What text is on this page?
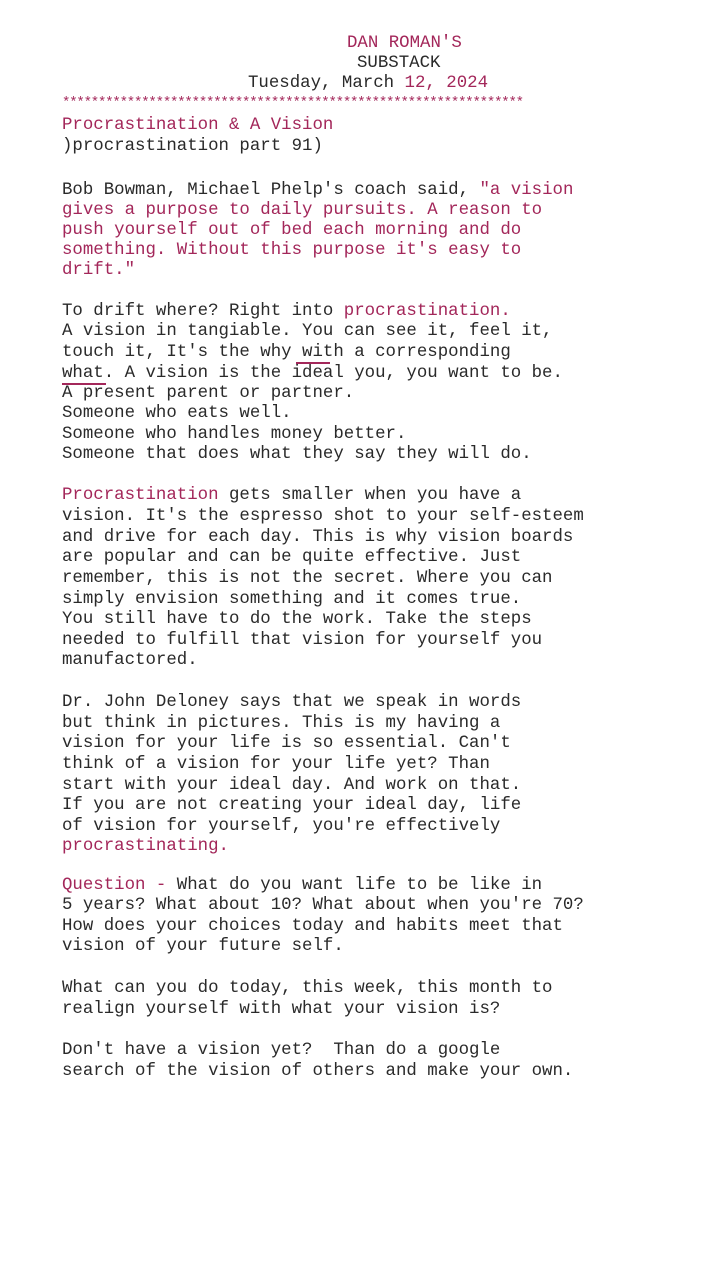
DAN ROMAN'S
SUBSTACK
Tuesday, March 12, 2024
****************************************************************
Procrastination & A Vision
)procrastination part 91)
Bob Bowman, Michael Phelp's coach said, "a vision
gives a purpose to daily pursuits. A reason to
push yourself out of bed each morning and do
something. Without this purpose it's easy to
drift."
To drift where? Right into procrastination.
A vision in tangiable. You can see it, feel it,
touch it, It's the why with a corresponding
what. A vision is the ideal you, you want to be.
A present parent or partner.
Someone who eats well.
Someone who handles money better.
Someone that does what they say they will do.
Procrastination gets smaller when you have a
vision. It's the espresso shot to your self-esteem
and drive for each day. This is why vision boards
are popular and can be quite effective. Just
remember, this is not the secret. Where you can
simply envision something and it comes true.
You still have to do the work. Take the steps
needed to fulfill that vision for yourself you
manufactored.
Dr. John Deloney says that we speak in words
but think in pictures. This is my having a
vision for your life is so essential. Can't
think of a vision for your life yet? Than
start with your ideal day. And work on that.
If you are not creating your ideal day, life
of vision for yourself, you're effectively
procrastinating.
Question - What do you want life to be like in
5 years? What about 10? What about when you're 70?
How does your choices today and habits meet that
vision of your future self.
What can you do today, this week, this month to
realign yourself with what your vision is?
Don't have a vision yet?  Than do a google
search of the vision of others and make your own.
